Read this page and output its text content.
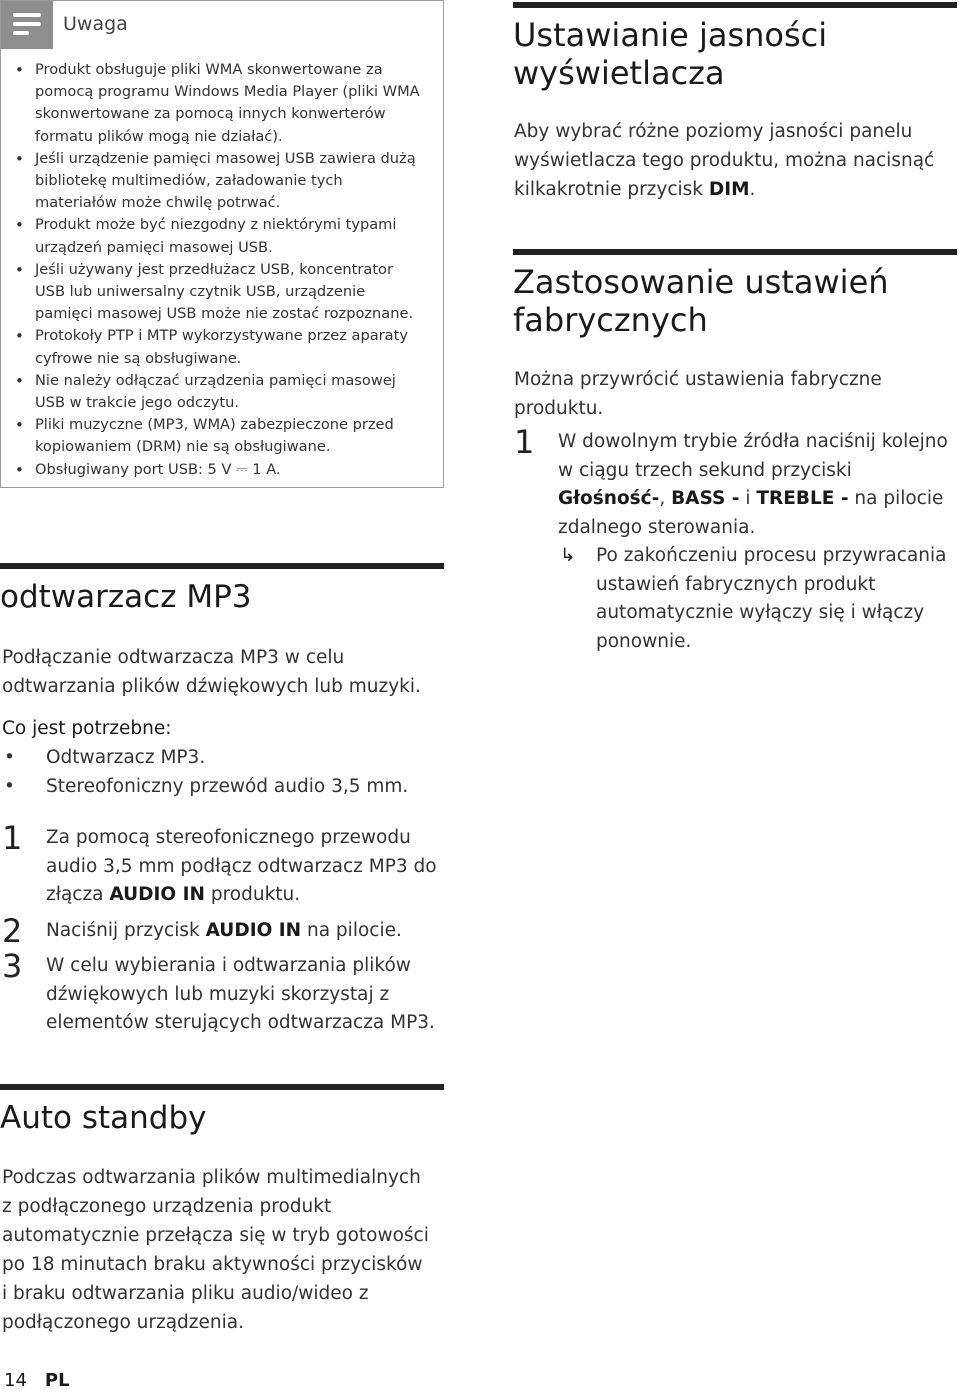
Uwaga
• Produkt obsługuje pliki WMA skonwertowane za pomocą programu Windows Media Player (pliki WMA skonwertowane za pomocą innych konwerterów formatu plików mogą nie działać).
• Jeśli urządzenie pamięci masowej USB zawiera dużą bibliotekę multimediów, załadowanie tych materiałów może chwilę potrwać.
• Produkt może być niezgodny z niektórymi typami urządzeń pamięci masowej USB.
• Jeśli używany jest przedłużacz USB, koncentrator USB lub uniwersalny czytnik USB, urządzenie pamięci masowej USB może nie zostać rozpoznane.
• Protokoły PTP i MTP wykorzystywane przez aparaty cyfrowe nie są obsługiwane.
• Nie należy odłączać urządzenia pamięci masowej USB w trakcie jego odczytu.
• Pliki muzyczne (MP3, WMA) zabezpieczone przed kopiowaniem (DRM) nie są obsługiwane.
• Obsługiwany port USB: 5 V ⎓ 1 A.
odtwarzacz MP3

Podłączanie odtwarzacza MP3 w celu odtwarzania plików dźwiękowych lub muzyki.

Co jest potrzebne:

• Odtwarzacz MP3.
• Stereofoniczny przewód audio 3,5 mm.
1 Za pomocą stereofonicznego przewodu audio 3,5 mm podłącz odtwarzacz MP3 do złącza AUDIO IN produktu.
2 Naciśnij przycisk AUDIO IN na pilocie.
3 W celu wybierania i odtwarzania plików dźwiękowych lub muzyki skorzystaj z elementów sterujących odtwarzacza MP3.
Auto standby

Podczas odtwarzania plików multimedialnych z podłączonego urządzenia produkt automatycznie przełącza się w tryb gotowości po 18 minutach braku aktywności przycisków i braku odtwarzania pliku audio/wideo z podłączonego urządzenia.

14 PL
Ustawianie jasności wyświetlacza

Aby wybrać różne poziomy jasności panelu wyświetlacza tego produktu, można nacisnąć kilkakrotnie przycisk DIM.

Zastosowanie ustawień fabrycznych

Można przywrócić ustawienia fabryczne produktu.

1 W dowolnym trybie źródła naciśnij kolejno w ciągu trzech sekund przyciski Głośność-, BASS - i TREBLE - na pilocie zdalnego sterowania.
↳ Po zakończeniu procesu przywracania ustawień fabrycznych produkt automatycznie wyłączy się i włączy ponownie.
